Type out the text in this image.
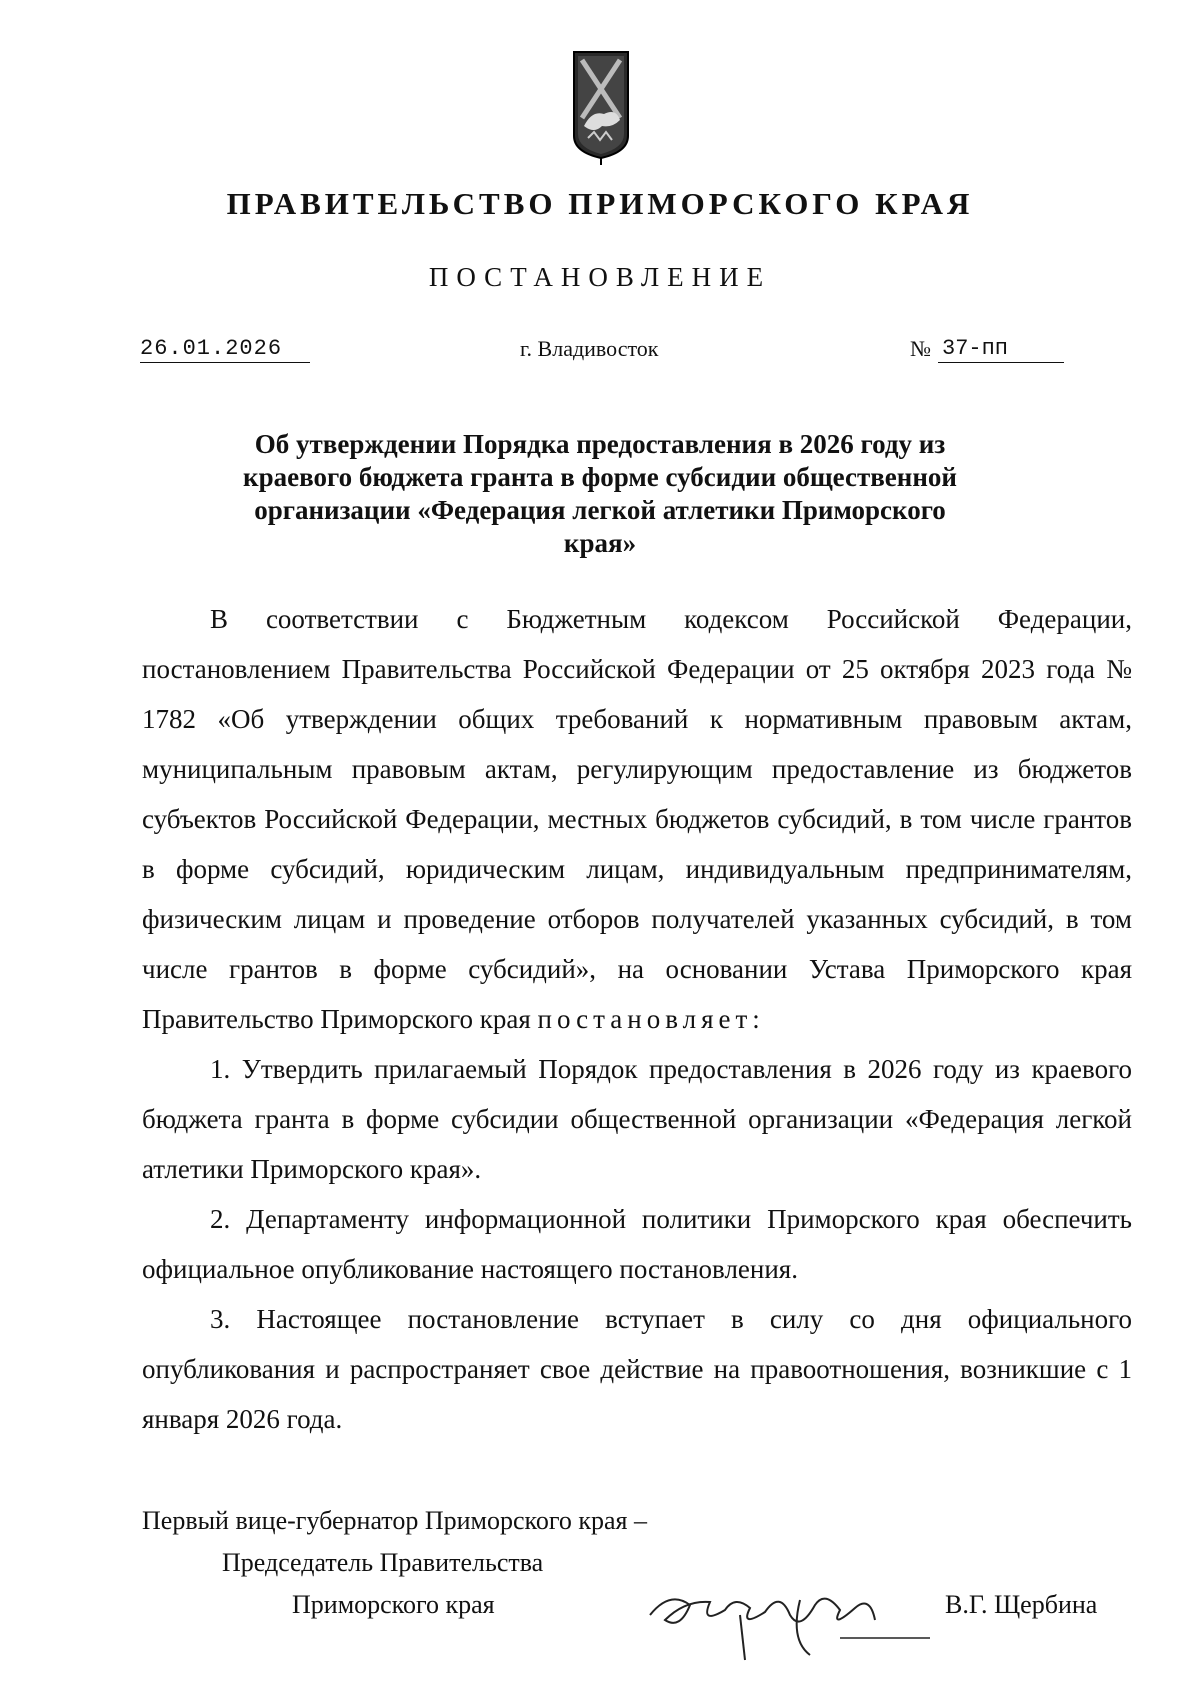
ПРАВИТЕЛЬСТВО ПРИМОРСКОГО КРАЯ
ПОСТАНОВЛЕНИЕ
26.01.2026	г. Владивосток	№ 37-пп
Об утверждении Порядка предоставления в 2026 году из краевого бюджета гранта в форме субсидии общественной организации «Федерация легкой атлетики Приморского края»

В соответствии с Бюджетным кодексом Российской Федерации, постановлением Правительства Российской Федерации от 25 октября 2023 года № 1782 «Об утверждении общих требований к нормативным правовым актам, муниципальным правовым актам, регулирующим предоставление из бюджетов субъектов Российской Федерации, местных бюджетов субсидий, в том числе грантов в форме субсидий, юридическим лицам, индивидуальным предпринимателям, физическим лицам и проведение отборов получателей указанных субсидий, в том числе грантов в форме субсидий», на основании Устава Приморского края Правительство Приморского края постановляет:

1. Утвердить прилагаемый Порядок предоставления в 2026 году из краевого бюджета гранта в форме субсидии общественной организации «Федерация легкой атлетики Приморского края».

2. Департаменту информационной политики Приморского края обеспечить официальное опубликование настоящего постановления.

3. Настоящее постановление вступает в силу со дня официального опубликования и распространяет свое действие на правоотношения, возникшие с 1 января 2026 года.

Первый вице-губернатор Приморского края –
Председатель Правительства
Приморского края	В.Г. Щербина
